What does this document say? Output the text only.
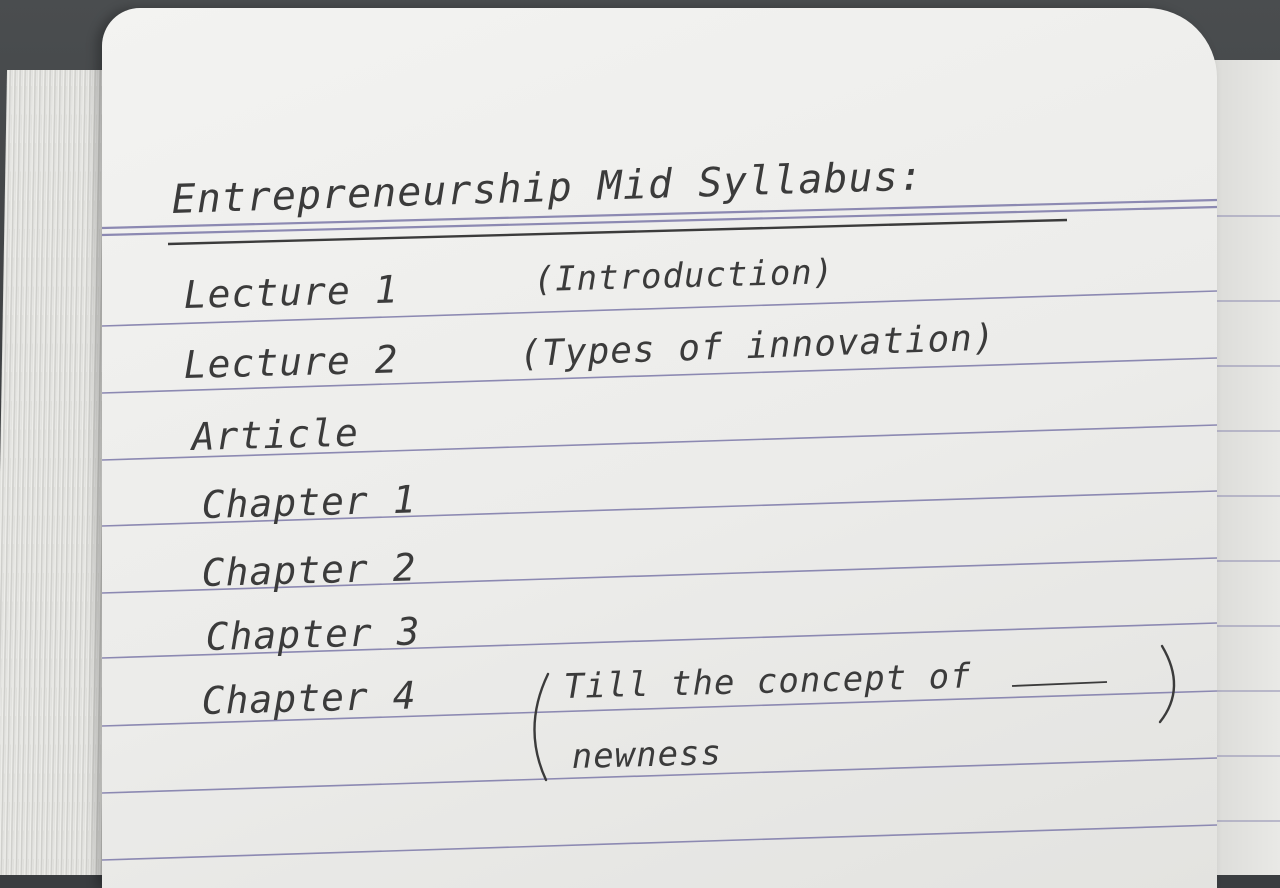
Entrepreneurship Mid Syllabus:
Lecture 1	(Introduction)
Lecture 2	(Types of innovation)
Article
Chapter 1
Chapter 2
Chapter 3
Chapter 4	Till the concept of
newness
